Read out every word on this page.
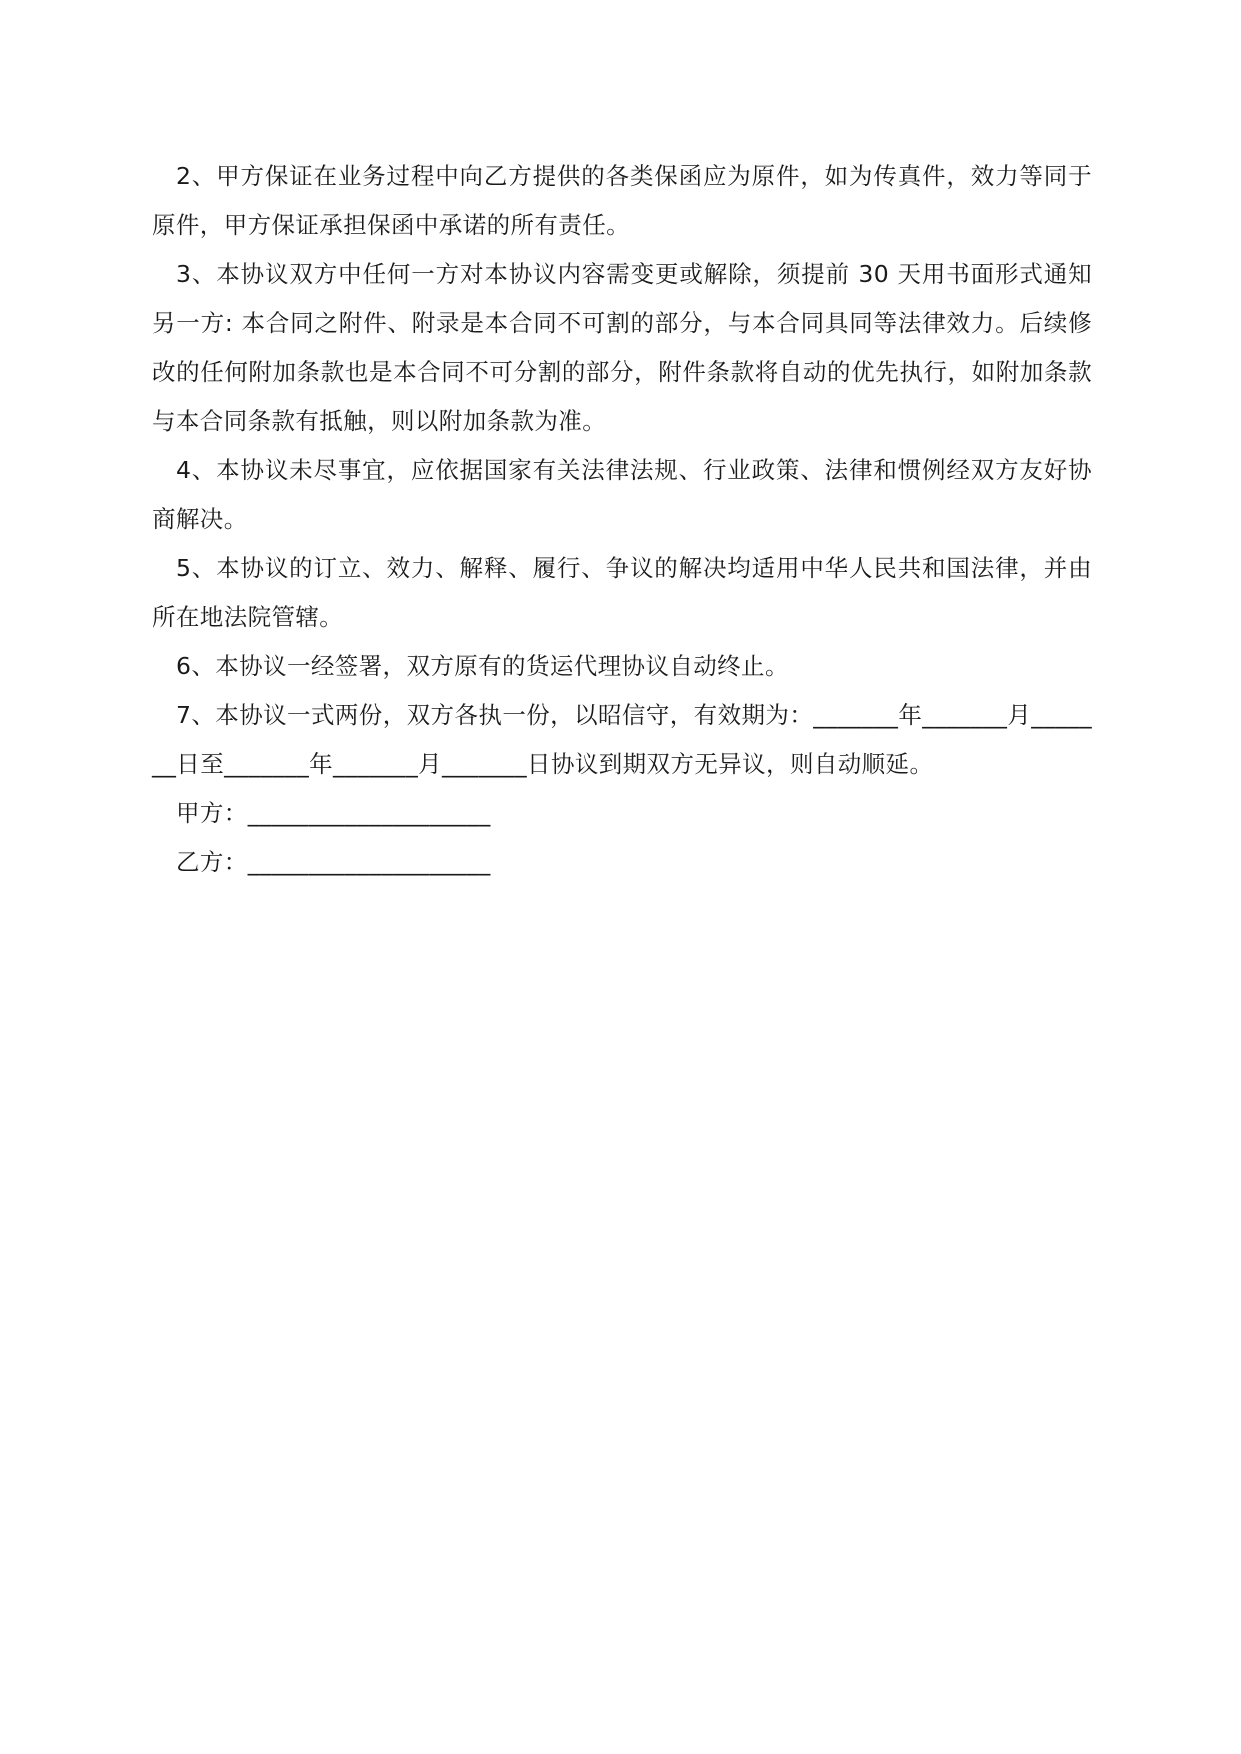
2、甲方保证在业务过程中向乙方提供的各类保函应为原件，如为传真件，效力等同于原件，甲方保证承担保函中承诺的所有责任。

3、本协议双方中任何一方对本协议内容需变更或解除，须提前 30 天用书面形式通知另一方: 本合同之附件、附录是本合同不可割的部分，与本合同具同等法律效力。后续修改的任何附加条款也是本合同不可分割的部分，附件条款将自动的优先执行，如附加条款与本合同条款有抵触，则以附加条款为准。

4、本协议未尽事宜，应依据国家有关法律法规、行业政策、法律和惯例经双方友好协商解决。

5、本协议的订立、效力、解释、履行、争议的解决均适用中华人民共和国法律，并由所在地法院管辖。

6、本协议一经签署，双方原有的货运代理协议自动终止。

7、本协议一式两份，双方各执一份，以昭信守，有效期为：_______年_______月_______日至_______年_______月_______日协议到期双方无异议，则自动顺延。

甲方：____________________

乙方：____________________
